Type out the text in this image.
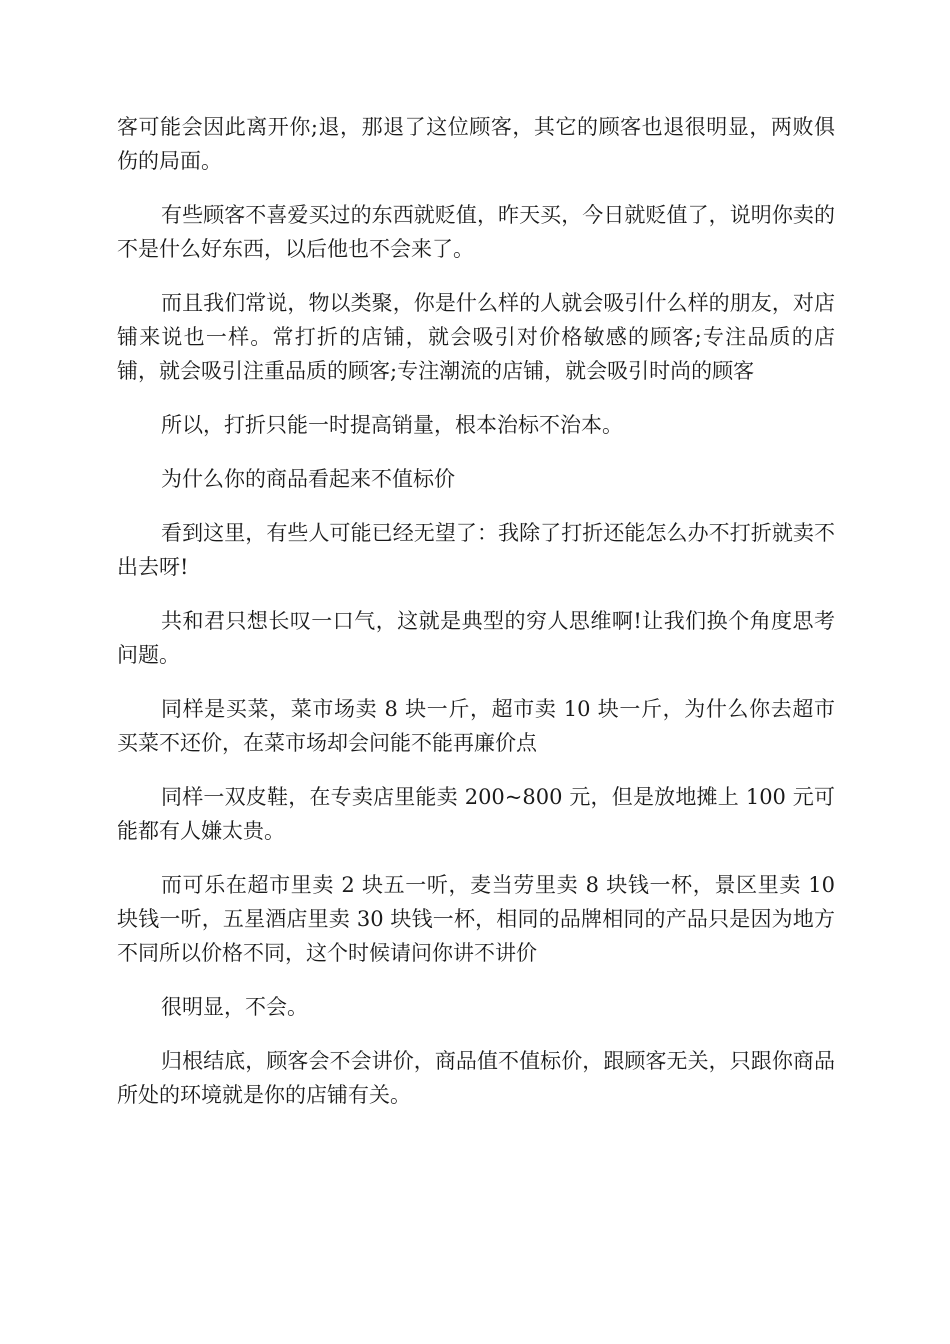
客可能会因此离开你;退，那退了这位顾客，其它的顾客也退很明显，两败俱伤的局面。

有些顾客不喜爱买过的东西就贬值，昨天买，今日就贬值了，说明你卖的不是什么好东西，以后他也不会来了。

而且我们常说，物以类聚，你是什么样的人就会吸引什么样的朋友，对店铺来说也一样。常打折的店铺，就会吸引对价格敏感的顾客;专注品质的店铺，就会吸引注重品质的顾客;专注潮流的店铺，就会吸引时尚的顾客

所以，打折只能一时提高销量，根本治标不治本。

为什么你的商品看起来不值标价

看到这里，有些人可能已经无望了：我除了打折还能怎么办不打折就卖不出去呀!

共和君只想长叹一口气，这就是典型的穷人思维啊!让我们换个角度思考问题。

同样是买菜，菜市场卖 8 块一斤，超市卖 10 块一斤，为什么你去超市买菜不还价，在菜市场却会问能不能再廉价点

同样一双皮鞋，在专卖店里能卖 200~800 元，但是放地摊上 100 元可能都有人嫌太贵。

而可乐在超市里卖 2 块五一听，麦当劳里卖 8 块钱一杯，景区里卖 10 块钱一听，五星酒店里卖 30 块钱一杯，相同的品牌相同的产品只是因为地方不同所以价格不同，这个时候请问你讲不讲价

很明显，不会。

归根结底，顾客会不会讲价，商品值不值标价，跟顾客无关，只跟你商品所处的环境就是你的店铺有关。
